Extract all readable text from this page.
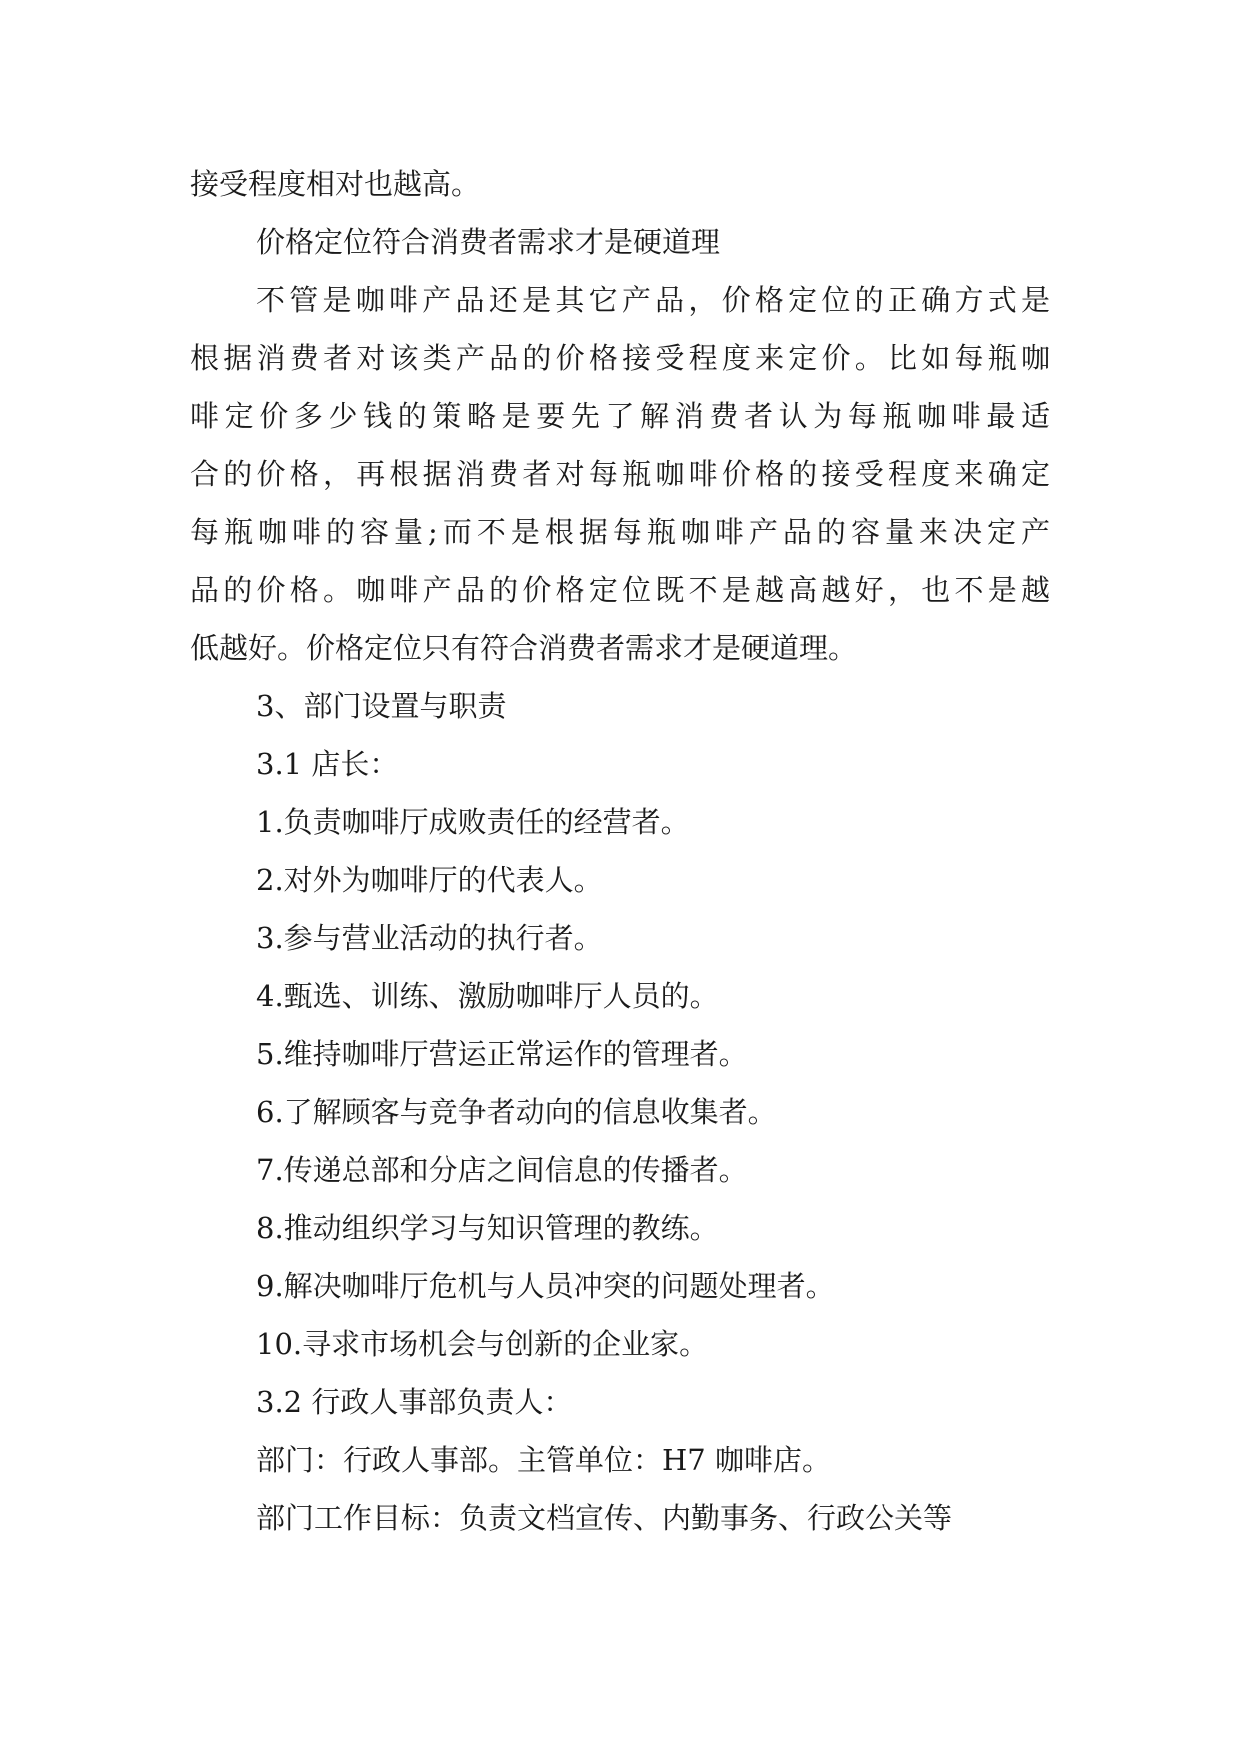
接受程度相对也越高。
价格定位符合消费者需求才是硬道理
不管是咖啡产品还是其它产品，价格定位的正确方式是
根据消费者对该类产品的价格接受程度来定价。比如每瓶咖
啡定价多少钱的策略是要先了解消费者认为每瓶咖啡最适
合的价格，再根据消费者对每瓶咖啡价格的接受程度来确定
每瓶咖啡的容量;而不是根据每瓶咖啡产品的容量来决定产
品的价格。咖啡产品的价格定位既不是越高越好，也不是越
低越好。价格定位只有符合消费者需求才是硬道理。
3、部门设置与职责
3.1 店长：
1.负责咖啡厅成败责任的经营者。
2.对外为咖啡厅的代表人。
3.参与营业活动的执行者。
4.甄选、训练、激励咖啡厅人员的。
5.维持咖啡厅营运正常运作的管理者。
6.了解顾客与竞争者动向的信息收集者。
7.传递总部和分店之间信息的传播者。
8.推动组织学习与知识管理的教练。
9.解决咖啡厅危机与人员冲突的问题处理者。
10.寻求市场机会与创新的企业家。
3.2 行政人事部负责人：
部门：行政人事部。主管单位：H7 咖啡店。
部门工作目标：负责文档宣传、内勤事务、行政公关等
